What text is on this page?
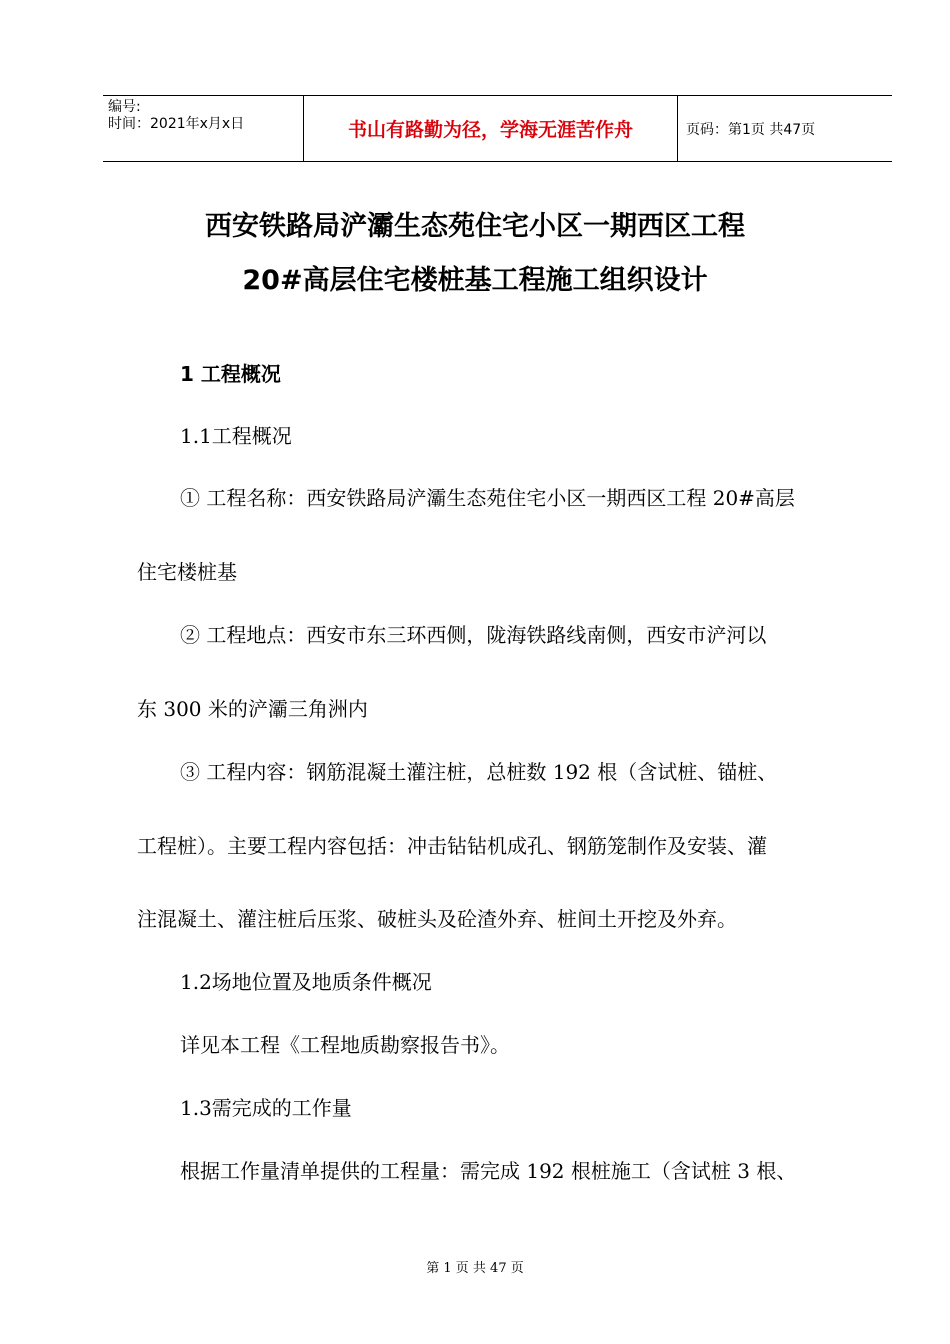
编号:
时间：2021年x月x日	书山有路勤为径，学海无涯苦作舟	页码：第1页 共47页
西安铁路局浐灞生态苑住宅小区一期西区工程
20#高层住宅楼桩基工程施工组织设计
1 工程概况
1.1工程概况
① 工程名称：西安铁路局浐灞生态苑住宅小区一期西区工程 20#高层
住宅楼桩基
② 工程地点：西安市东三环西侧，陇海铁路线南侧，西安市浐河以
东 300 米的浐灞三角洲内
③ 工程内容：钢筋混凝土灌注桩，总桩数 192 根（含试桩、锚桩、
工程桩）。主要工程内容包括：冲击钻钻机成孔、钢筋笼制作及安装、灌
注混凝土、灌注桩后压浆、破桩头及砼渣外弃、桩间土开挖及外弃。
1.2场地位置及地质条件概况
详见本工程《工程地质勘察报告书》。
1.3需完成的工作量
根据工作量清单提供的工程量：需完成 192 根桩施工（含试桩 3 根、
第 1 页 共 47 页
